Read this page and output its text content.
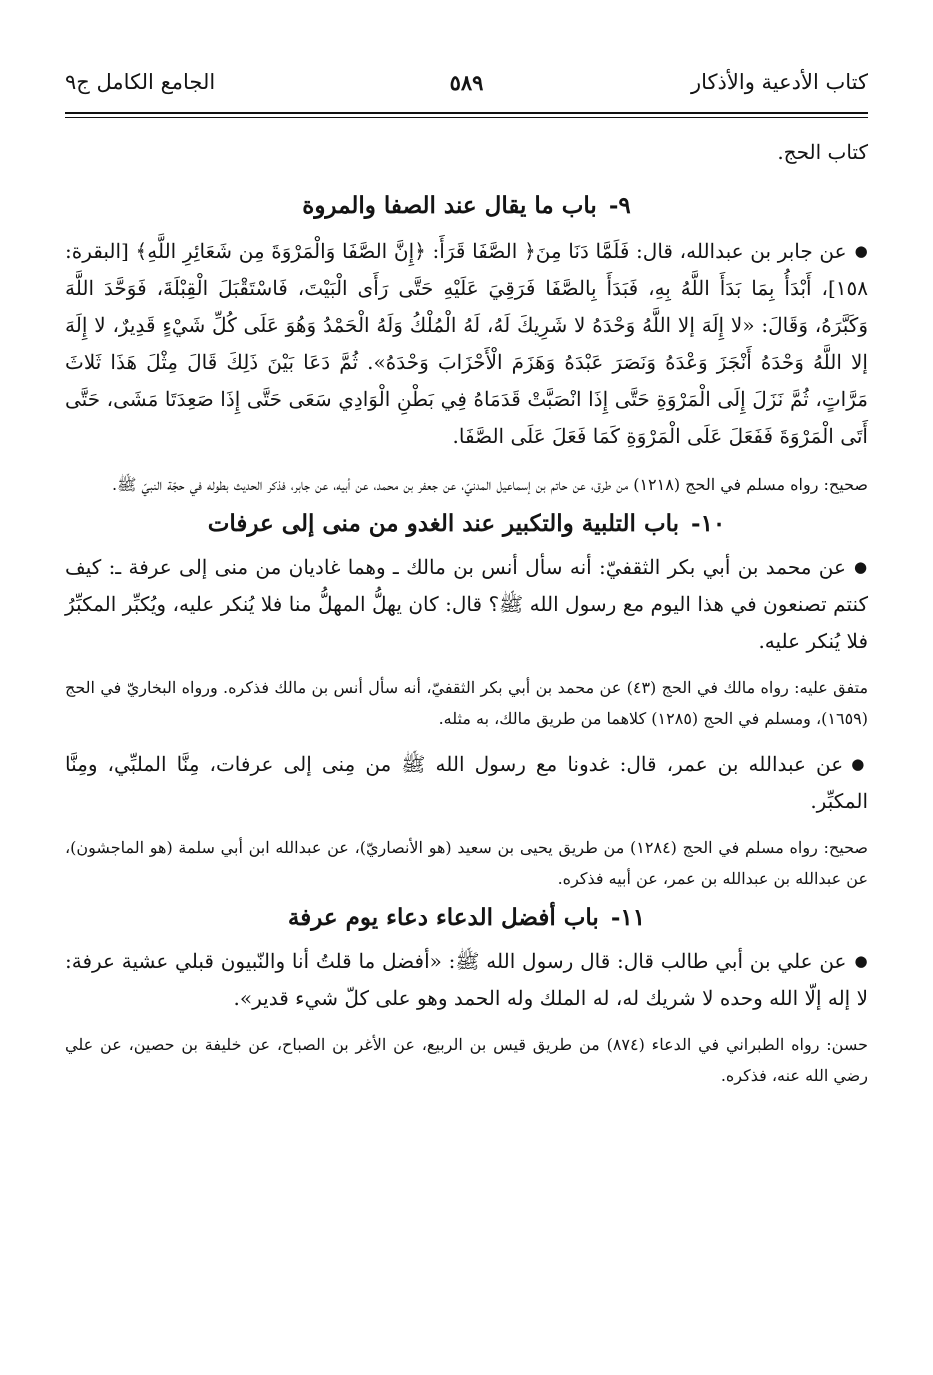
كتاب الأدعية والأذكار
٥٨٩
الجامع الكامل ج٩

كتاب الحج.

٩-باب ما يقال عند الصفا والمروة

●عن جابر بن عبدالله، قال: فَلَمَّا دَنَا مِنَ﴿ الصَّفَا قَرَأَ: ﴿إِنَّ الصَّفَا وَالْمَرْوَةَ مِن شَعَائِرِ اللَّهِ﴾ [البقرة: ١٥٨]، أَبْدَأُ بِمَا بَدَأَ اللَّهُ بِهِ، فَبَدَأَ بِالصَّفَا فَرَقِيَ عَلَيْهِ حَتَّى رَأَى الْبَيْتَ، فَاسْتَقْبَلَ الْقِبْلَةَ، فَوَحَّدَ اللَّهَ وَكَبَّرَهُ، وَقَالَ: «لا إِلَهَ إلا اللَّهُ وَحْدَهُ لا شَرِيكَ لَهُ، لَهُ الْمُلْكُ وَلَهُ الْحَمْدُ وَهُوَ عَلَى كُلِّ شَيْءٍ قَدِيرٌ، لا إِلَهَ إلا اللَّهُ وَحْدَهُ أَنْجَزَ وَعْدَهُ وَنَصَرَ عَبْدَهُ وَهَزَمَ الْأَحْزَابَ وَحْدَهُ». ثُمَّ دَعَا بَيْنَ ذَلِكَ قَالَ مِثْلَ هَذَا ثَلاثَ مَرَّاتٍ، ثُمَّ نَزَلَ إِلَى الْمَرْوَةِ حَتَّى إِذَا انْصَبَّتْ قَدَمَاهُ فِي بَطْنِ الْوَادِي سَعَى حَتَّى إِذَا صَعِدَتَا مَشَى، حَتَّى أَتَى الْمَرْوَةَ فَفَعَلَ عَلَى الْمَرْوَةِ كَمَا فَعَلَ عَلَى الصَّفَا.

صحيح: رواه مسلم في الحج (١٢١٨) من طرق، عن حاتم بن إسماعيل المدنيّ، عن جعفر بن محمد، عن أبيه، عن جابر، فذكر الحديث بطوله في حجّة النبيّ ﷺ.

١٠-باب التلبية والتكبير عند الغدو من منى إلى عرفات

●عن محمد بن أبي بكر الثقفيّ: أنه سأل أنس بن مالك ـ وهما غاديان من منى إلى عرفة ـ: كيف كنتم تصنعون في هذا اليوم مع رسول الله ﷺ؟ قال: كان يهلُّ المهلُّ منا فلا يُنكر عليه، ويُكبِّر المكبِّرُ فلا يُنكر عليه.

متفق عليه: رواه مالك في الحج (٤٣) عن محمد بن أبي بكر الثقفيّ، أنه سأل أنس بن مالك فذكره. ورواه البخاريّ في الحج (١٦٥٩)، ومسلم في الحج (١٢٨٥) كلاهما من طريق مالك، به مثله.

●عن عبدالله بن عمر، قال: غدونا مع رسول الله ﷺ من مِنى إلى عرفات، مِنَّا الملبِّي، ومِنَّا المكبِّر.

صحيح: رواه مسلم في الحج (١٢٨٤) من طريق يحيى بن سعيد (هو الأنصاريّ)، عن عبدالله ابن أبي سلمة (هو الماجشون)، عن عبدالله بن عبدالله بن عمر، عن أبيه فذكره.

١١-باب أفضل الدعاء دعاء يوم عرفة

●عن علي بن أبي طالب قال: قال رسول الله ﷺ: «أفضل ما قلتُ أنا والنّبيون قبلي عشية عرفة: لا إله إلّا الله وحده لا شريك له، له الملك وله الحمد وهو على كلّ شيء قدير».

حسن: رواه الطبراني في الدعاء (٨٧٤) من طريق قيس بن الربيع، عن الأغر بن الصباح، عن خليفة بن حصين، عن علي رضي الله عنه، فذكره.
